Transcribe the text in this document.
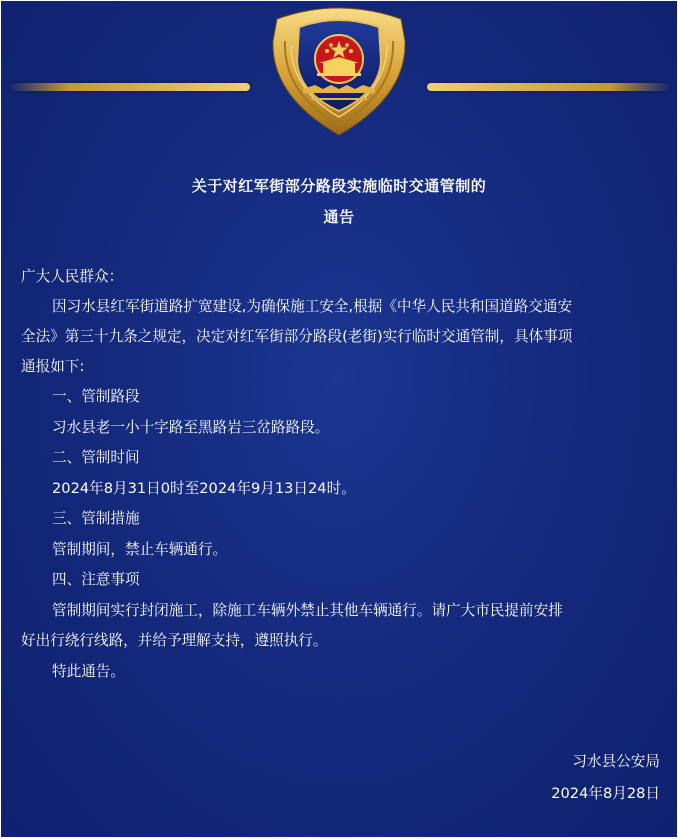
关于对红军街部分路段实施临时交通管制的
通告
广大人民群众：
因习水县红军街道路扩宽建设,为确保施工安全,根据《中华人民共和国道路交通安
全法》第三十九条之规定，决定对红军街部分路段(老街)实行临时交通管制，具体事项
通报如下:
一、管制路段
习水县老一小十字路至黑路岩三岔路路段。
二、管制时间
2024年8月31日0时至2024年9月13日24时。
三、管制措施
管制期间，禁止车辆通行。
四、注意事项
管制期间实行封闭施工，除施工车辆外禁止其他车辆通行。请广大市民提前安排
好出行绕行线路，并给予理解支持，遵照执行。
特此通告。
习水县公安局
2024年8月28日
